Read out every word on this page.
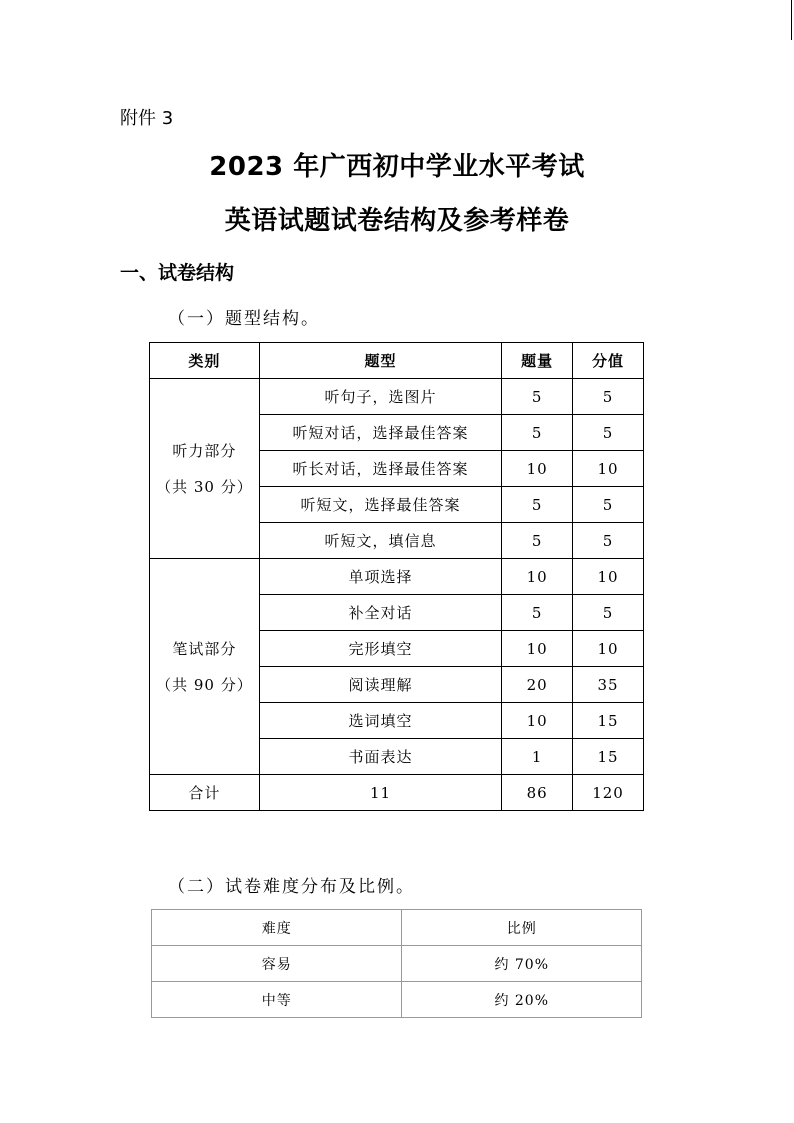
附件 3
2023 年广西初中学业水平考试
英语试题试卷结构及参考样卷
一、试卷结构
（一）题型结构。
类别	题型	题量	分值

听力部分
（共 30 分）	听句子，选图片	5	5
	听短对话，选择最佳答案	5	5
	听长对话，选择最佳答案	10	10
	听短文，选择最佳答案	5	5
	听短文，填信息	5	5

笔试部分
（共 90 分）	单项选择	10	10
	补全对话	5	5
	完形填空	10	10
	阅读理解	20	35
	选词填空	10	15
	书面表达	1	15
合计	11	86	120
（二）试卷难度分布及比例。
难度	比例
容易	约 70%
中等	约 20%
